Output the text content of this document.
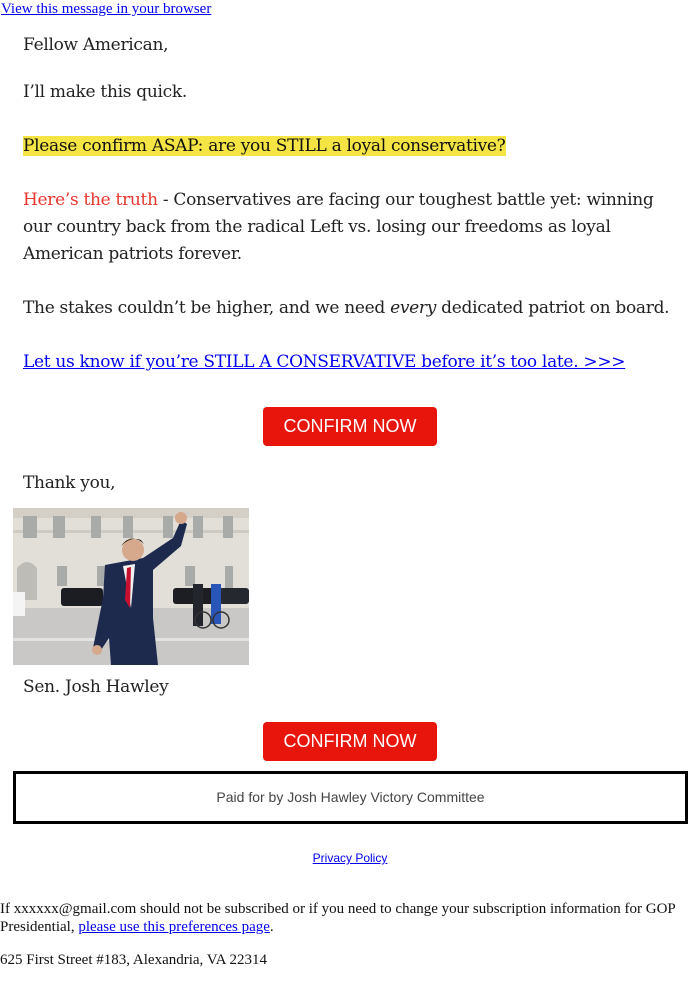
View this message in your browser
Fellow American,
I’ll make this quick.
Please confirm ASAP: are you STILL a loyal conservative?
Here’s the truth - Conservatives are facing our toughest battle yet: winning our country back from the radical Left vs. losing our freedoms as loyal American patriots forever.
The stakes couldn’t be higher, and we need every dedicated patriot on board.
Let us know if you’re STILL A CONSERVATIVE before it’s too late. >>>
CONFIRM NOW
Thank you,
Sen. Josh Hawley
CONFIRM NOW
Paid for by Josh Hawley Victory Committee
Privacy Policy
If xxxxxx@gmail.com should not be subscribed or if you need to change your subscription information for GOP Presidential, please use this preferences page.
625 First Street #183, Alexandria, VA 22314
